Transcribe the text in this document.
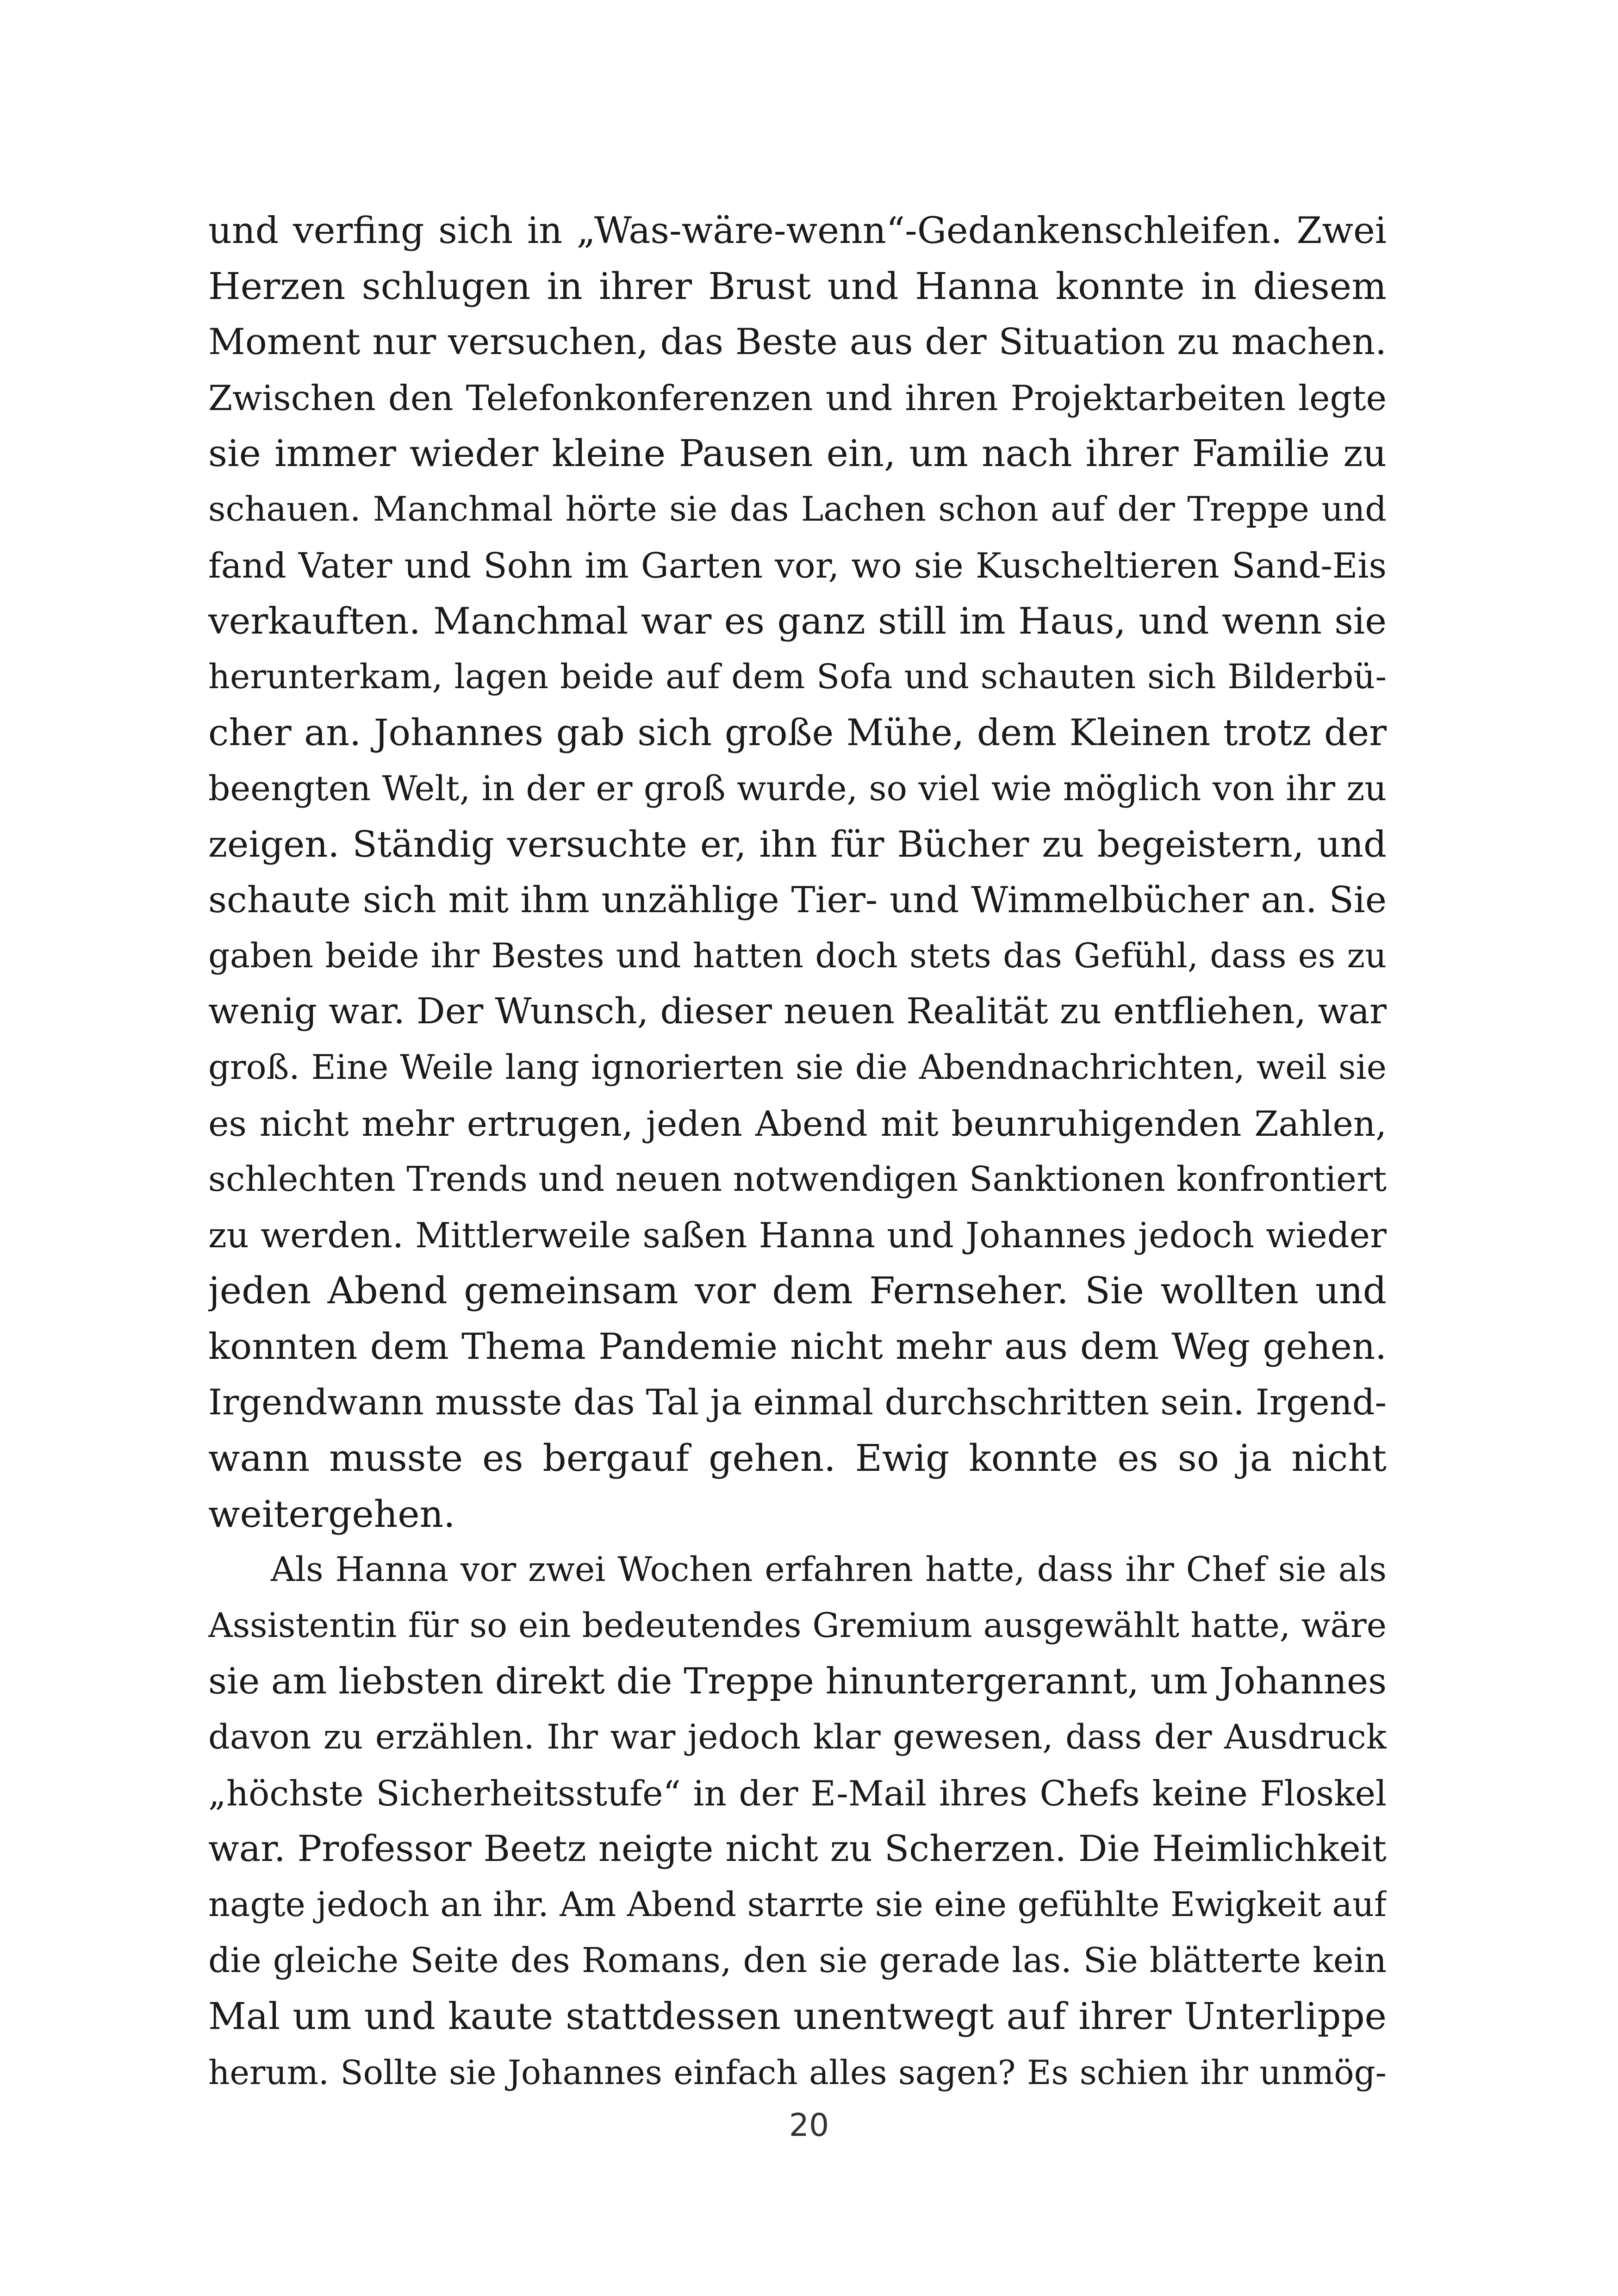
und verfing sich in „Was-wäre-wenn“-Gedankenschleifen. Zwei
Herzen schlugen in ihrer Brust und Hanna konnte in diesem
Moment nur versuchen, das Beste aus der Situation zu machen.
Zwischen den Telefonkonferenzen und ihren Projektarbeiten legte
sie immer wieder kleine Pausen ein, um nach ihrer Familie zu
schauen. Manchmal hörte sie das Lachen schon auf der Treppe und
fand Vater und Sohn im Garten vor, wo sie Kuscheltieren Sand-Eis
verkauften. Manchmal war es ganz still im Haus, und wenn sie
herunterkam, lagen beide auf dem Sofa und schauten sich Bilderbü-
cher an. Johannes gab sich große Mühe, dem Kleinen trotz der
beengten Welt, in der er groß wurde, so viel wie möglich von ihr zu
zeigen. Ständig versuchte er, ihn für Bücher zu begeistern, und
schaute sich mit ihm unzählige Tier- und Wimmelbücher an. Sie
gaben beide ihr Bestes und hatten doch stets das Gefühl, dass es zu
wenig war. Der Wunsch, dieser neuen Realität zu entfliehen, war
groß. Eine Weile lang ignorierten sie die Abendnachrichten, weil sie
es nicht mehr ertrugen, jeden Abend mit beunruhigenden Zahlen,
schlechten Trends und neuen notwendigen Sanktionen konfrontiert
zu werden. Mittlerweile saßen Hanna und Johannes jedoch wieder
jeden Abend gemeinsam vor dem Fernseher. Sie wollten und
konnten dem Thema Pandemie nicht mehr aus dem Weg gehen.
Irgendwann musste das Tal ja einmal durchschritten sein. Irgend-
wann musste es bergauf gehen. Ewig konnte es so ja nicht
weitergehen.
Als Hanna vor zwei Wochen erfahren hatte, dass ihr Chef sie als
Assistentin für so ein bedeutendes Gremium ausgewählt hatte, wäre
sie am liebsten direkt die Treppe hinuntergerannt, um Johannes
davon zu erzählen. Ihr war jedoch klar gewesen, dass der Ausdruck
„höchste Sicherheitsstufe“ in der E-Mail ihres Chefs keine Floskel
war. Professor Beetz neigte nicht zu Scherzen. Die Heimlichkeit
nagte jedoch an ihr. Am Abend starrte sie eine gefühlte Ewigkeit auf
die gleiche Seite des Romans, den sie gerade las. Sie blätterte kein
Mal um und kaute stattdessen unentwegt auf ihrer Unterlippe
herum. Sollte sie Johannes einfach alles sagen? Es schien ihr unmög-
20
